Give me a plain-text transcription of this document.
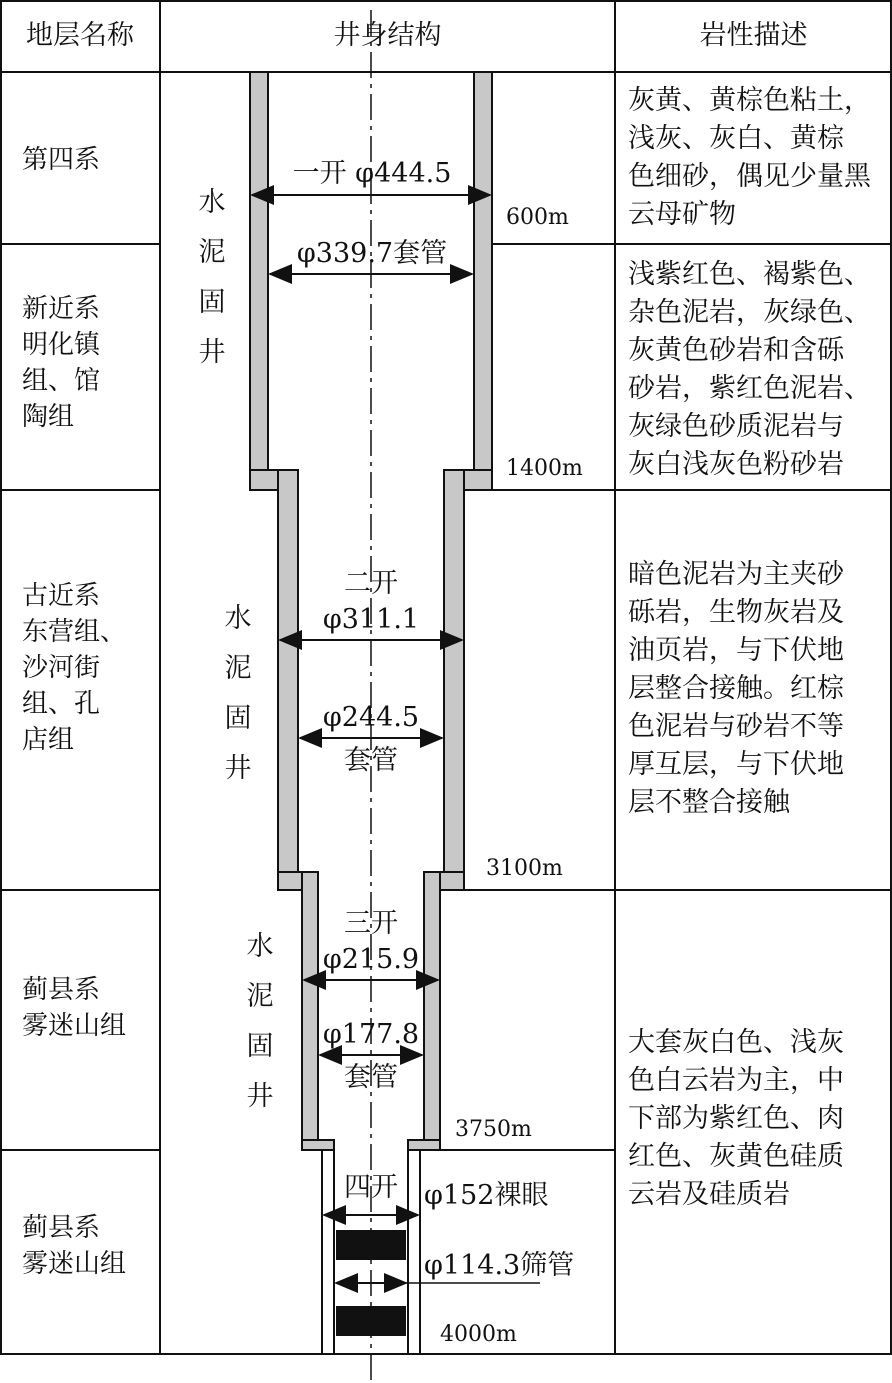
地层名称	井身结构	岩性描述
第四系
新近系
明化镇
组、馆
陶组
古近系
东营组、
沙河街
组、孔
店组
蓟县系
雾迷山组
蓟县系
雾迷山组
灰黄、黄棕色粘土，
浅灰、灰白、黄棕
色细砂，偶见少量黑
云母矿物
浅紫红色、褐紫色、
杂色泥岩，灰绿色、
灰黄色砂岩和含砾
砂岩，紫红色泥岩、
灰绿色砂质泥岩与
灰白浅灰色粉砂岩
暗色泥岩为主夹砂
砾岩，生物灰岩及
油页岩，与下伏地
层整合接触。红棕
色泥岩与砂岩不等
厚互层，与下伏地
层不整合接触
大套灰白色、浅灰
色白云岩为主，中
下部为紫红色、肉
红色、灰黄色硅质
云岩及硅质岩
600m
1400m
3100m
3750m
4000m
水
泥
固
井
水
泥
固
井
水
泥
固
井
一开 φ444.5
φ339.7套管
二开
φ311.1
φ244.5
套管
三开
φ215.9
φ177.8
套管
四开 φ152裸眼
φ114.3筛管
